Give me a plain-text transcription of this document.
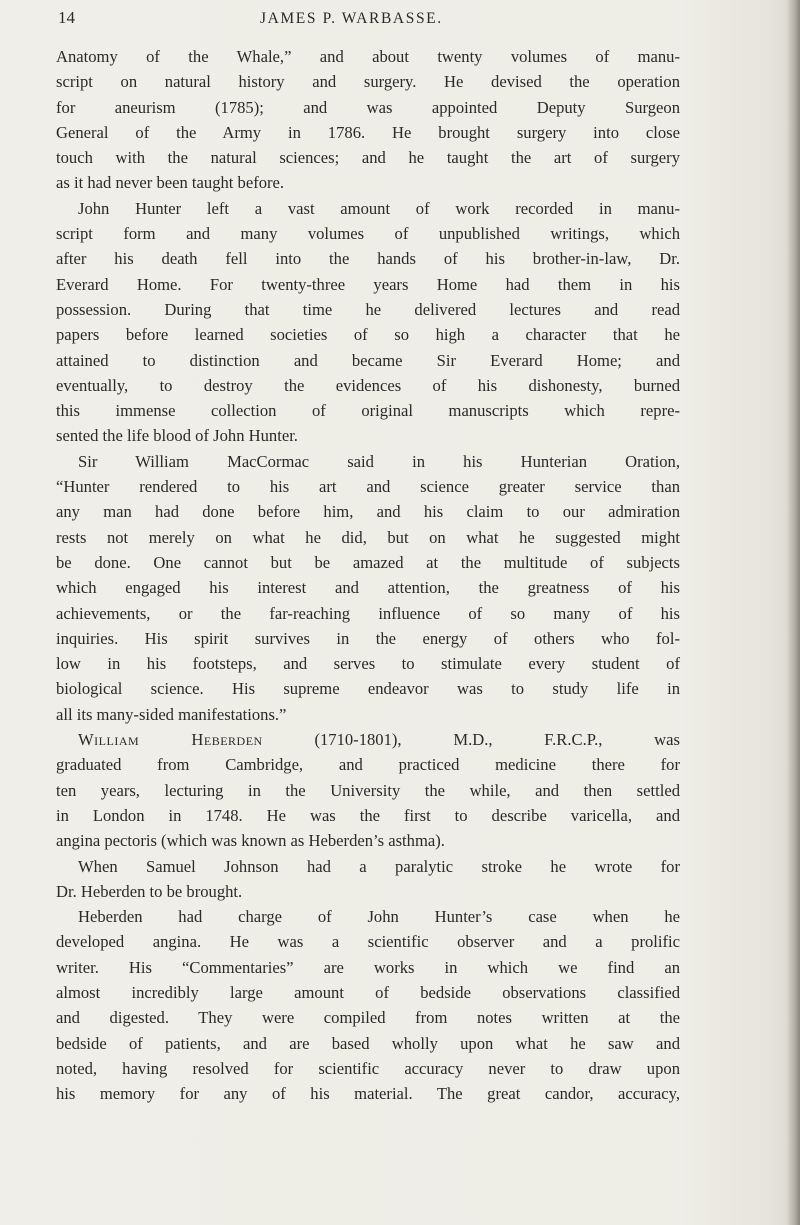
14	JAMES P. WARBASSE.
Anatomy of the Whale,” and about twenty volumes of manu-
script on natural history and surgery. He devised the operation
for aneurism (1785); and was appointed Deputy Surgeon
General of the Army in 1786. He brought surgery into close
touch with the natural sciences; and he taught the art of surgery
as it had never been taught before.
John Hunter left a vast amount of work recorded in manu-
script form and many volumes of unpublished writings, which
after his death fell into the hands of his brother-in-law, Dr.
Everard Home. For twenty-three years Home had them in his
possession. During that time he delivered lectures and read
papers before learned societies of so high a character that he
attained to distinction and became Sir Everard Home; and
eventually, to destroy the evidences of his dishonesty, burned
this immense collection of original manuscripts which repre-
sented the life blood of John Hunter.
Sir William MacCormac said in his Hunterian Oration,
“Hunter rendered to his art and science greater service than
any man had done before him, and his claim to our admiration
rests not merely on what he did, but on what he suggested might
be done. One cannot but be amazed at the multitude of subjects
which engaged his interest and attention, the greatness of his
achievements, or the far-reaching influence of so many of his
inquiries. His spirit survives in the energy of others who fol-
low in his footsteps, and serves to stimulate every student of
biological science. His supreme endeavor was to study life in
all its many-sided manifestations.”
William Heberden (1710-1801), M.D., F.R.C.P., was
graduated from Cambridge, and practiced medicine there for
ten years, lecturing in the University the while, and then settled
in London in 1748. He was the first to describe varicella, and
angina pectoris (which was known as Heberden’s asthma).
When Samuel Johnson had a paralytic stroke he wrote for
Dr. Heberden to be brought.
Heberden had charge of John Hunter’s case when he
developed angina. He was a scientific observer and a prolific
writer. His “Commentaries” are works in which we find an
almost incredibly large amount of bedside observations classified
and digested. They were compiled from notes written at the
bedside of patients, and are based wholly upon what he saw and
noted, having resolved for scientific accuracy never to draw upon
his memory for any of his material. The great candor, accuracy,
